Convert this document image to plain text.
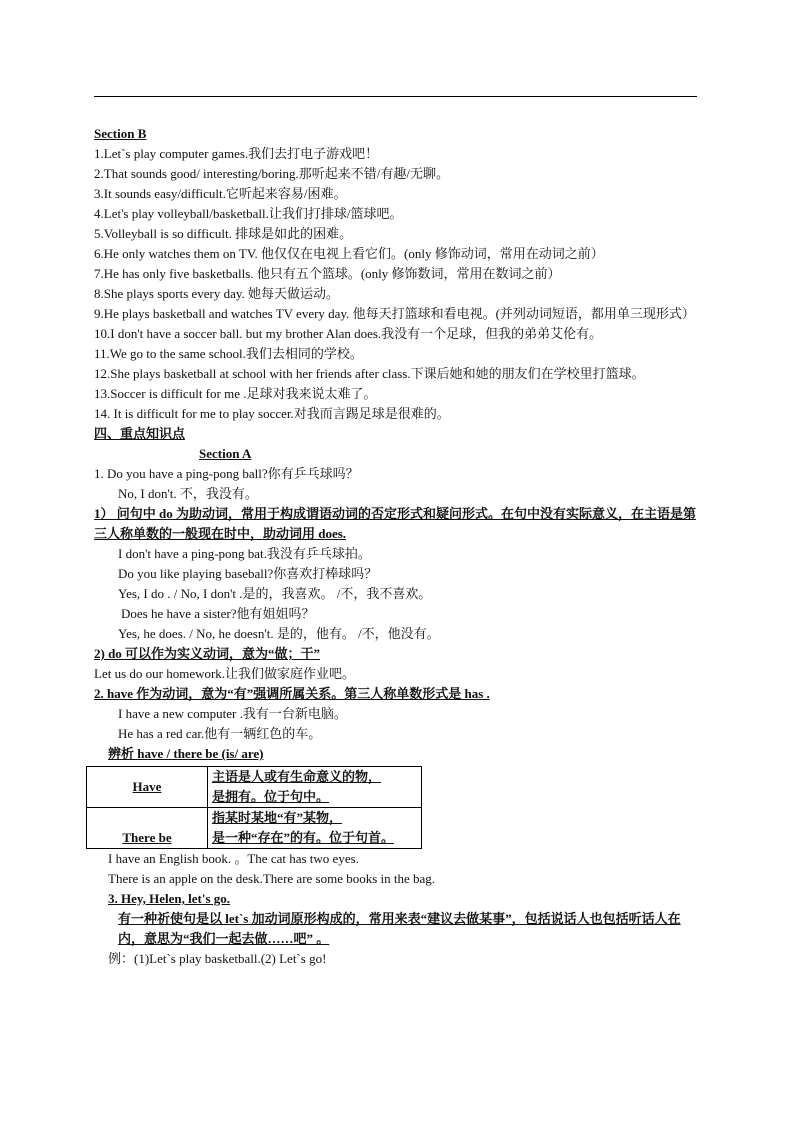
Section B
1.Let`s play computer games.我们去打电子游戏吧！
2.That sounds good/ interesting/boring.那听起来不错/有趣/无聊。
3.It sounds easy/difficult.它听起来容易/困难。
4.Let's play volleyball/basketball.让我们打排球/篮球吧。
5.Volleyball is so difficult. 排球是如此的困难。
6.He only watches them on TV. 他仅仅在电视上看它们。(only 修饰动词，常用在动词之前）
7.He has only five basketballs. 他只有五个篮球。(only 修饰数词，常用在数词之前）
8.She plays sports every day. 她每天做运动。
9.He plays basketball and watches TV every day. 他每天打篮球和看电视。(并列动词短语，都用单三现形式）
10.I don't have a soccer ball. but my brother Alan does.我没有一个足球，但我的弟弟艾伦有。
11.We go to the same school.我们去相同的学校。
12.She plays basketball at school with her friends after class.下课后她和她的朋友们在学校里打篮球。
13.Soccer is difficult for me .足球对我来说太难了。
14. It is difficult for me to play soccer.对我而言踢足球是很难的。
四、重点知识点
Section A
1. Do you have a ping-pong ball?你有乒乓球吗？
No, I don't. 不，我没有。
1） 问句中 do 为助动词，常用于构成谓语动词的否定形式和疑问形式。在句中没有实际意义，在主语是第三人称单数的一般现在时中，助动词用 does.
I don't have a ping-pong bat.我没有乒乓球拍。
Do you like playing baseball?你喜欢打棒球吗？
Yes, I do . / No, I don't .是的，我喜欢。 /不，我不喜欢。
Does he have a sister?他有姐姐吗？
Yes, he does. / No, he doesn't. 是的，他有。 /不，他没有。
2) do 可以作为实义动词，意为“做；干”
Let us do our homework.让我们做家庭作业吧。
2. have 作为动词，意为“有”强调所属关系。第三人称单数形式是 has .
I have a new computer .我有一台新电脑。
He has a red car.他有一辆红色的车。
辨析 have / there be (is/ are)
Have	主语是人或有生命意义的物，
是拥有。位于句中。

There be	指某时某地“有”某物，
是一种“存在”的有。位于句首。
I have an English book. 。The cat has two eyes.
There is an apple on the desk.There are some books in the bag.
3. Hey, Helen, let's go.
有一种祈使句是以 let`s 加动词原形构成的，常用来表“建议去做某事”，包括说话人也包括听话人在内，意思为“我们一起去做……吧” 。
例：(1)Let`s play basketball.(2) Let`s go!
